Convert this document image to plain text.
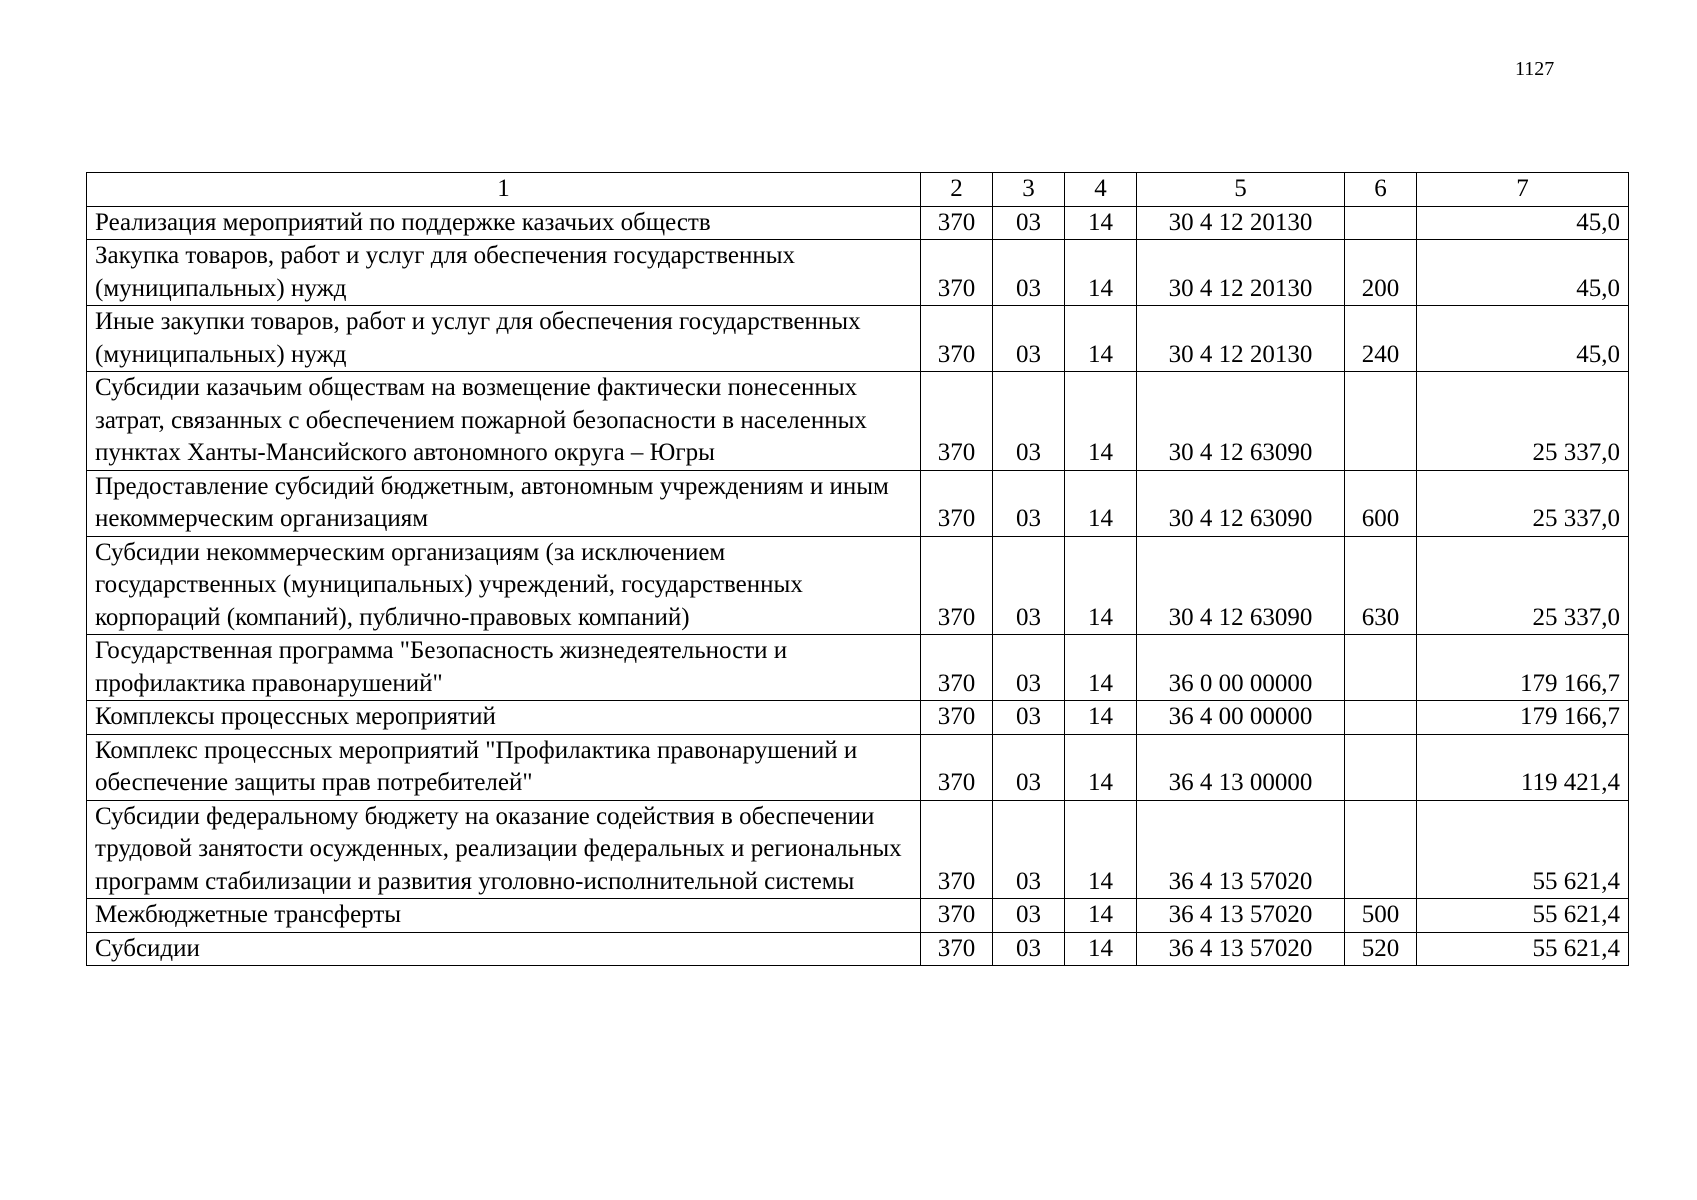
1127
1	2	3	4	5	6	7
Реализация мероприятий по поддержке казачьих обществ	370	03	14	30 4 12 20130		45,0
Закупка товаров, работ и услуг для обеспечения государственных (муниципальных) нужд	370	03	14	30 4 12 20130	200	45,0
Иные закупки товаров, работ и услуг для обеспечения государственных (муниципальных) нужд	370	03	14	30 4 12 20130	240	45,0
Субсидии казачьим обществам на возмещение фактически понесенных затрат, связанных с обеспечением пожарной безопасности в населенных пунктах Ханты-Мансийского автономного округа – Югры	370	03	14	30 4 12 63090		25 337,0
Предоставление субсидий бюджетным, автономным учреждениям и иным некоммерческим организациям	370	03	14	30 4 12 63090	600	25 337,0
Субсидии некоммерческим организациям (за исключением государственных (муниципальных) учреждений, государственных корпораций (компаний), публично-правовых компаний)	370	03	14	30 4 12 63090	630	25 337,0
Государственная программа "Безопасность жизнедеятельности и профилактика правонарушений"	370	03	14	36 0 00 00000		179 166,7
Комплексы процессных мероприятий	370	03	14	36 4 00 00000		179 166,7
Комплекс процессных мероприятий "Профилактика правонарушений и обеспечение защиты прав потребителей"	370	03	14	36 4 13 00000		119 421,4
Субсидии федеральному бюджету на оказание содействия в обеспечении трудовой занятости осужденных, реализации федеральных и региональных программ стабилизации и развития уголовно-исполнительной системы	370	03	14	36 4 13 57020		55 621,4
Межбюджетные трансферты	370	03	14	36 4 13 57020	500	55 621,4
Субсидии	370	03	14	36 4 13 57020	520	55 621,4
